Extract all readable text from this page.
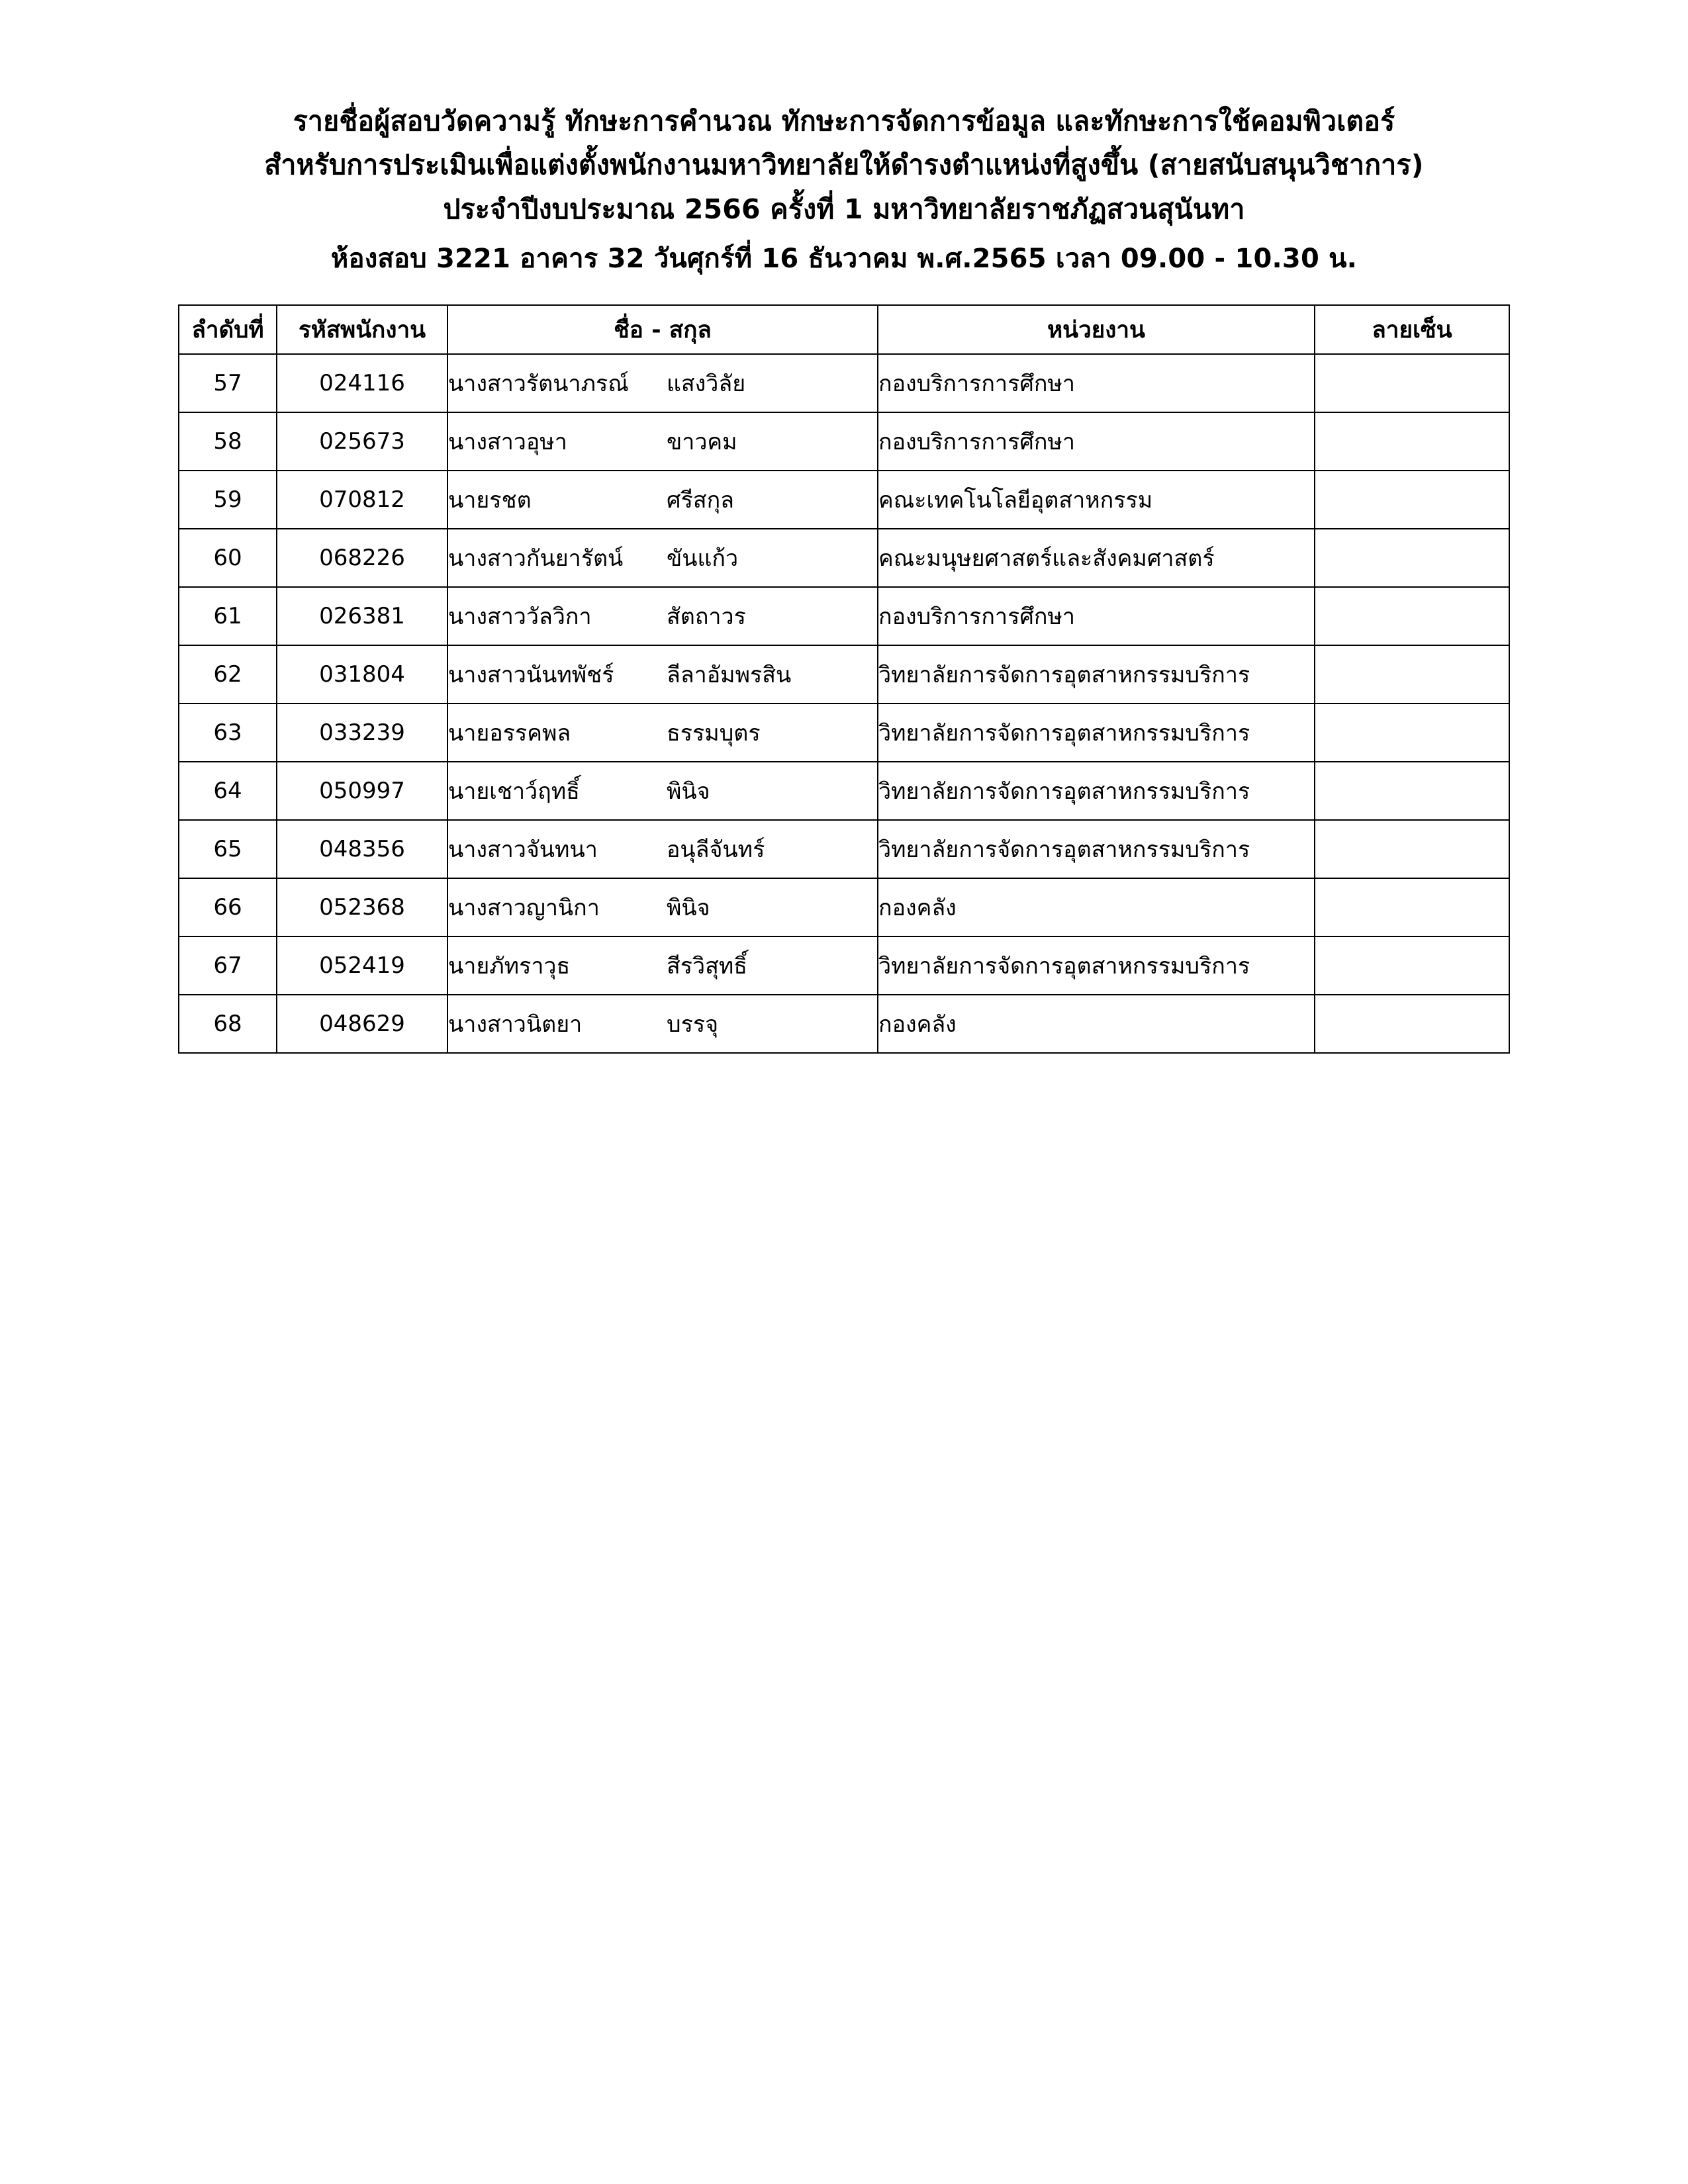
รายชื่อผู้สอบวัดความรู้ ทักษะการคำนวณ ทักษะการจัดการข้อมูล และทักษะการใช้คอมพิวเตอร์
สำหรับการประเมินเพื่อแต่งตั้งพนักงานมหาวิทยาลัยให้ดำรงตำแหน่งที่สูงขึ้น (สายสนับสนุนวิชาการ)
ประจำปีงบประมาณ 2566 ครั้งที่ 1 มหาวิทยาลัยราชภัฏสวนสุนันทา
ห้องสอบ 3221 อาคาร 32 วันศุกร์ที่ 16 ธันวาคม พ.ศ.2565 เวลา 09.00 - 10.30 น.
ลำดับที่	รหัสพนักงาน	ชื่อ - สกุล	หน่วยงาน	ลายเซ็น
57	024116	นางสาวรัตนาภรณ์ แสงวิลัย	กองบริการการศึกษา	
58	025673	นางสาวอุษา ขาวคม	กองบริการการศึกษา	
59	070812	นายรชต ศรีสกุล	คณะเทคโนโลยีอุตสาหกรรม	
60	068226	นางสาวกันยารัตน์ ขันแก้ว	คณะมนุษยศาสตร์และสังคมศาสตร์	
61	026381	นางสาววัลวิกา สัตถาวร	กองบริการการศึกษา	
62	031804	นางสาวนันทพัชร์ ลีลาอัมพรสิน	วิทยาลัยการจัดการอุตสาหกรรมบริการ	
63	033239	นายอรรคพล ธรรมบุตร	วิทยาลัยการจัดการอุตสาหกรรมบริการ	
64	050997	นายเชาว์ฤทธิ์ พินิจ	วิทยาลัยการจัดการอุตสาหกรรมบริการ	
65	048356	นางสาวจันทนา อนุลีจันทร์	วิทยาลัยการจัดการอุตสาหกรรมบริการ	
66	052368	นางสาวญานิกา พินิจ	กองคลัง	
67	052419	นายภัทราวุธ สีรวิสุทธิ์	วิทยาลัยการจัดการอุตสาหกรรมบริการ	
68	048629	นางสาวนิตยา บรรจุ	กองคลัง	
